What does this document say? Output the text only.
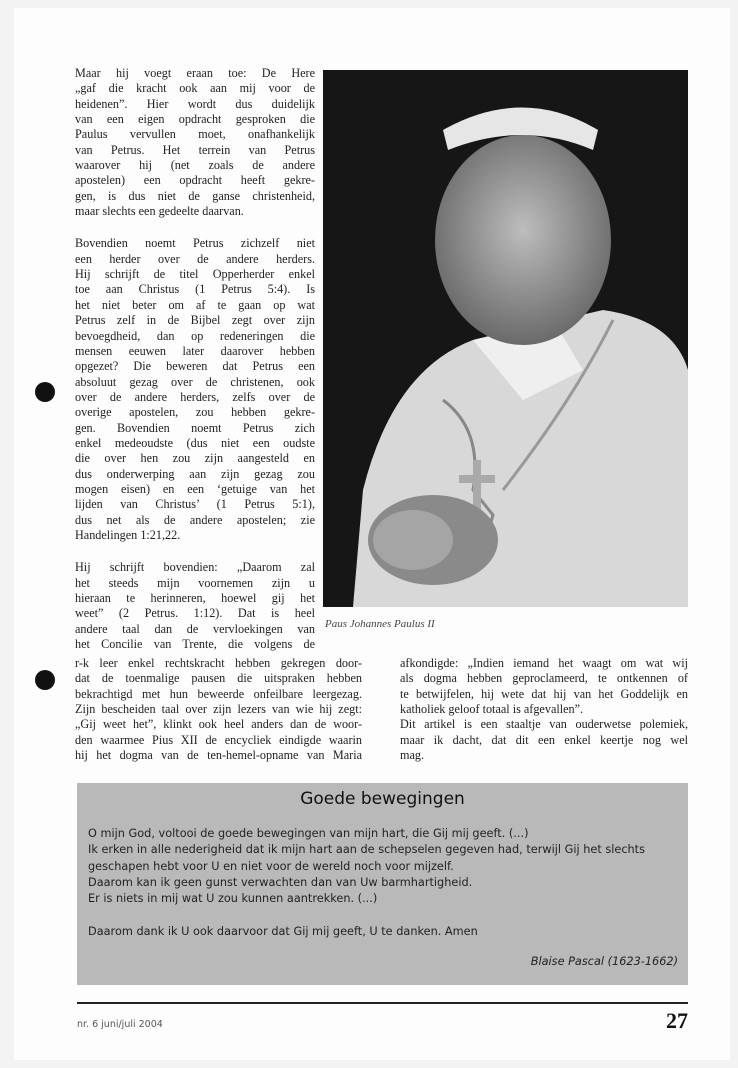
Maar hij voegt eraan toe: De Here
„gaf die kracht ook aan mij voor de
heidenen”. Hier wordt dus duidelijk
van een eigen opdracht gesproken die
Paulus vervullen moet, onafhankelijk
van Petrus. Het terrein van Petrus
waarover hij (net zoals de andere
apostelen) een opdracht heeft gekre-
gen, is dus niet de ganse christenheid,
maar slechts een gedeelte daarvan.
Bovendien noemt Petrus zichzelf niet
een herder over de andere herders.
Hij schrijft de titel Opperherder enkel
toe aan Christus (1 Petrus 5:4). Is
het niet beter om af te gaan op wat
Petrus zelf in de Bijbel zegt over zijn
bevoegdheid, dan op redeneringen die
mensen eeuwen later daarover hebben
opgezet? Die beweren dat Petrus een
absoluut gezag over de christenen, ook
over de andere herders, zelfs over de
overige apostelen, zou hebben gekre-
gen. Bovendien noemt Petrus zich
enkel medeoudste (dus niet een oudste
die over hen zou zijn aangesteld en
dus onderwerping aan zijn gezag zou
mogen eisen) en een ‘getuige van het
lijden van Christus’ (1 Petrus 5:1),
dus net als de andere apostelen; zie
Handelingen 1:21,22.
Hij schrijft bovendien: „Daarom zal
het steeds mijn voornemen zijn u
hieraan te herinneren, hoewel gij het
weet” (2 Petrus. 1:12). Dat is heel
andere taal dan de vervloekingen van
het Concilie van Trente, die volgens de
Paus Johannes Paulus II
r-k leer enkel rechtskracht hebben gekregen door-
dat de toenmalige pausen die uitspraken hebben
bekrachtigd met hun beweerde onfeilbare leergezag.
Zijn bescheiden taal over zijn lezers van wie hij zegt:
„Gij weet het”, klinkt ook heel anders dan de woor-
den waarmee Pius XII de encycliek eindigde waarin
hij het dogma van de ten-hemel-opname van Maria
afkondigde: „Indien iemand het waagt om wat wij
als dogma hebben geproclameerd, te ontkennen of
te betwijfelen, hij wete dat hij van het Goddelijk en
katholiek geloof totaal is afgevallen”.
Dit artikel is een staaltje van ouderwetse polemiek,
maar ik dacht, dat dit een enkel keertje nog wel
mag.
Goede bewegingen
O mijn God, voltooi de goede bewegingen van mijn hart, die Gij mij geeft. (...)
Ik erken in alle nederigheid dat ik mijn hart aan de schepselen gegeven had, terwijl Gij het slechts
geschapen hebt voor U en niet voor de wereld noch voor mijzelf.
Daarom kan ik geen gunst verwachten dan van Uw barmhartigheid.
Er is niets in mij wat U zou kunnen aantrekken. (...)
Daarom dank ik U ook daarvoor dat Gij mij geeft, U te danken. Amen
Blaise Pascal (1623-1662)
nr. 6 juni/juli 2004	27
